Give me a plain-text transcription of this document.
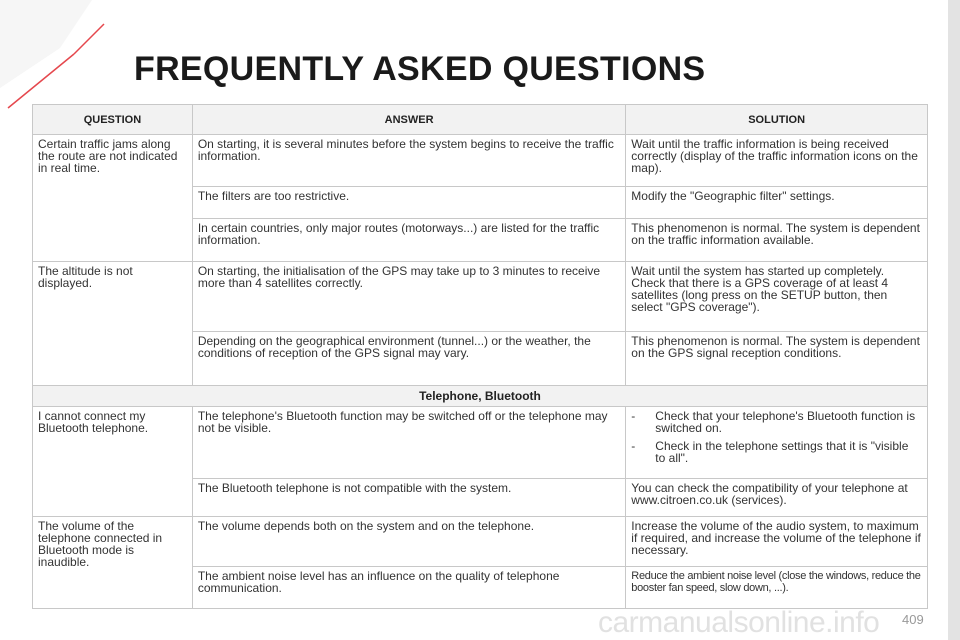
FREQUENTLY ASKED QUESTIONS
QUESTION	ANSWER	SOLUTION
Certain traffic jams along the route are not indicated in real time.	On starting, it is several minutes before the system begins to receive the traffic information.	Wait until the traffic information is being received correctly (display of the traffic information icons on the map).
	The filters are too restrictive.	Modify the "Geographic filter" settings.
	In certain countries, only major routes (motorways...) are listed for the traffic information.	This phenomenon is normal. The system is dependent on the traffic information available.
The altitude is not displayed.	On starting, the initialisation of the GPS may take up to 3 minutes to receive more than 4 satellites correctly.	Wait until the system has started up completely. Check that there is a GPS coverage of at least 4 satellites (long press on the SETUP button, then select "GPS coverage").
	Depending on the geographical environment (tunnel...) or the weather, the conditions of reception of the GPS signal may vary.	This phenomenon is normal. The system is dependent on the GPS signal reception conditions.
Telephone, Bluetooth		
I cannot connect my Bluetooth telephone.	The telephone's Bluetooth function may be switched off or the telephone may not be visible.	- Check that your telephone's Bluetooth function is switched on.
- Check in the telephone settings that it is "visible to all".

	The Bluetooth telephone is not compatible with the system.	You can check the compatibility of your telephone at www.citroen.co.uk (services).
The volume of the telephone connected in Bluetooth mode is inaudible.	The volume depends both on the system and on the telephone.	Increase the volume of the audio system, to maximum if required, and increase the volume of the telephone if necessary.
	The ambient noise level has an influence on the quality of telephone communication.	Reduce the ambient noise level (close the windows, reduce the booster fan speed, slow down, ...).
carmanualsonline.info 409
